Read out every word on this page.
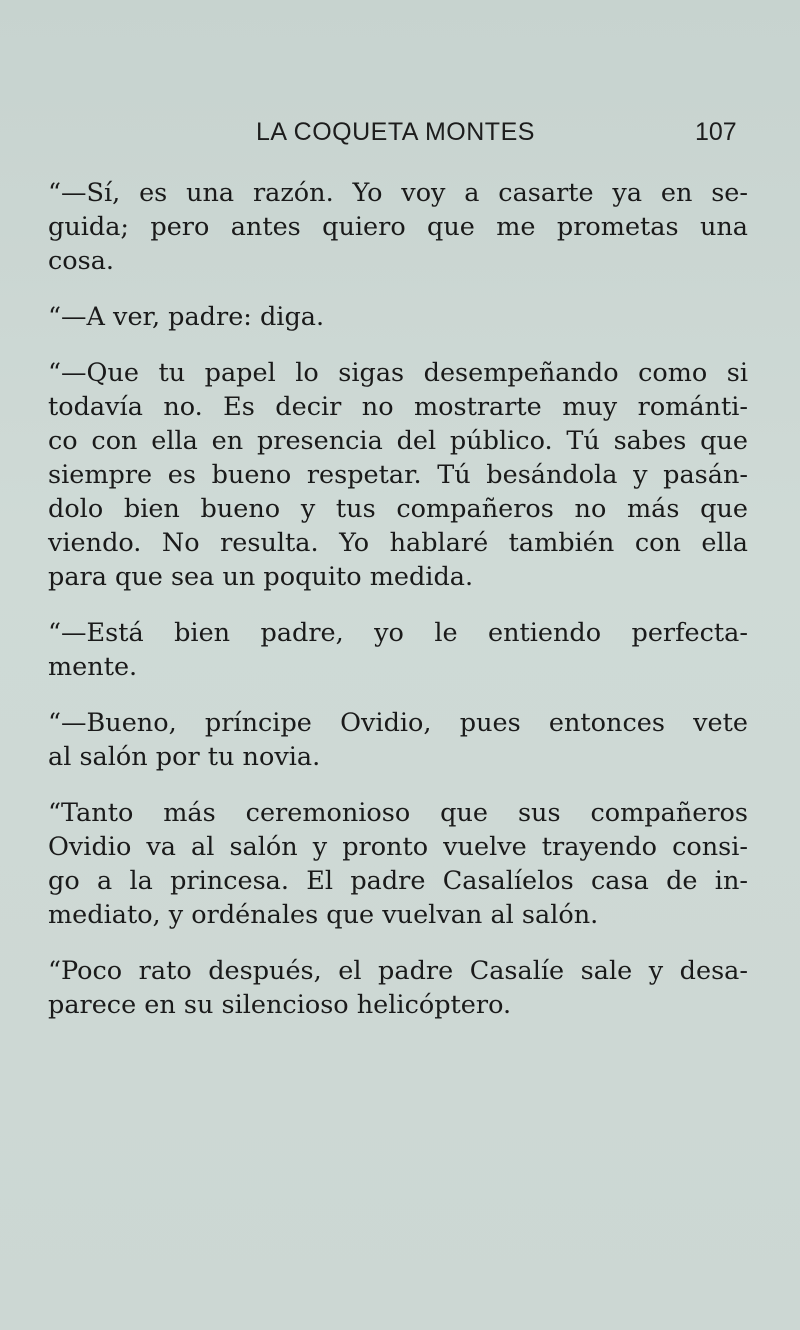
LA COQUETA MONTES	107

“—Sí, es una razón. Yo voy a casarte ya en se-
guida; pero antes quiero que me prometas una
cosa.

“—A ver, padre: diga.

“—Que tu papel lo sigas desempeñando como si
todavía no. Es decir no mostrarte muy románti-
co con ella en presencia del público. Tú sabes que
siempre es bueno respetar. Tú besándola y pasán-
dolo bien bueno y tus compañeros no más que
viendo. No resulta. Yo hablaré también con ella
para que sea un poquito medida.

“—Está bien padre, yo le entiendo perfecta-
mente.

“—Bueno, príncipe Ovidio, pues entonces vete
al salón por tu novia.

“Tanto más ceremonioso que sus compañeros
Ovidio va al salón y pronto vuelve trayendo consi-
go a la princesa. El padre Casalíelos casa de in-
mediato, y ordénales que vuelvan al salón.

“Poco rato después, el padre Casalíe sale y desa-
parece en su silencioso helicóptero.
